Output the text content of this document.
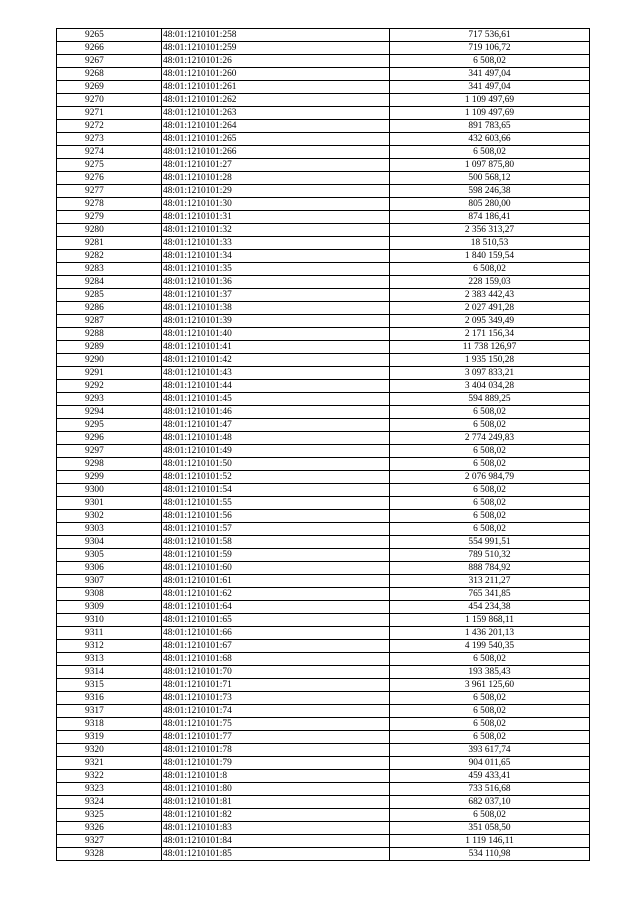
9265	48:01:1210101:258	717 536,61
9266	48:01:1210101:259	719 106,72
9267	48:01:1210101:26	6 508,02
9268	48:01:1210101:260	341 497,04
9269	48:01:1210101:261	341 497,04
9270	48:01:1210101:262	1 109 497,69
9271	48:01:1210101:263	1 109 497,69
9272	48:01:1210101:264	891 783,65
9273	48:01:1210101:265	432 603,66
9274	48:01:1210101:266	6 508,02
9275	48:01:1210101:27	1 097 875,80
9276	48:01:1210101:28	500 568,12
9277	48:01:1210101:29	598 246,38
9278	48:01:1210101:30	805 280,00
9279	48:01:1210101:31	874 186,41
9280	48:01:1210101:32	2 356 313,27
9281	48:01:1210101:33	18 510,53
9282	48:01:1210101:34	1 840 159,54
9283	48:01:1210101:35	6 508,02
9284	48:01:1210101:36	228 159,03
9285	48:01:1210101:37	2 383 442,43
9286	48:01:1210101:38	2 027 491,28
9287	48:01:1210101:39	2 095 349,49
9288	48:01:1210101:40	2 171 156,34
9289	48:01:1210101:41	11 738 126,97
9290	48:01:1210101:42	1 935 150,28
9291	48:01:1210101:43	3 097 833,21
9292	48:01:1210101:44	3 404 034,28
9293	48:01:1210101:45	594 889,25
9294	48:01:1210101:46	6 508,02
9295	48:01:1210101:47	6 508,02
9296	48:01:1210101:48	2 774 249,83
9297	48:01:1210101:49	6 508,02
9298	48:01:1210101:50	6 508,02
9299	48:01:1210101:52	2 076 984,79
9300	48:01:1210101:54	6 508,02
9301	48:01:1210101:55	6 508,02
9302	48:01:1210101:56	6 508,02
9303	48:01:1210101:57	6 508,02
9304	48:01:1210101:58	554 991,51
9305	48:01:1210101:59	789 510,32
9306	48:01:1210101:60	888 784,92
9307	48:01:1210101:61	313 211,27
9308	48:01:1210101:62	765 341,85
9309	48:01:1210101:64	454 234,38
9310	48:01:1210101:65	1 159 868,11
9311	48:01:1210101:66	1 436 201,13
9312	48:01:1210101:67	4 199 540,35
9313	48:01:1210101:68	6 508,02
9314	48:01:1210101:70	193 385,43
9315	48:01:1210101:71	3 961 125,60
9316	48:01:1210101:73	6 508,02
9317	48:01:1210101:74	6 508,02
9318	48:01:1210101:75	6 508,02
9319	48:01:1210101:77	6 508,02
9320	48:01:1210101:78	393 617,74
9321	48:01:1210101:79	904 011,65
9322	48:01:1210101:8	459 433,41
9323	48:01:1210101:80	733 516,68
9324	48:01:1210101:81	682 037,10
9325	48:01:1210101:82	6 508,02
9326	48:01:1210101:83	351 058,50
9327	48:01:1210101:84	1 119 146,11
9328	48:01:1210101:85	534 110,98
